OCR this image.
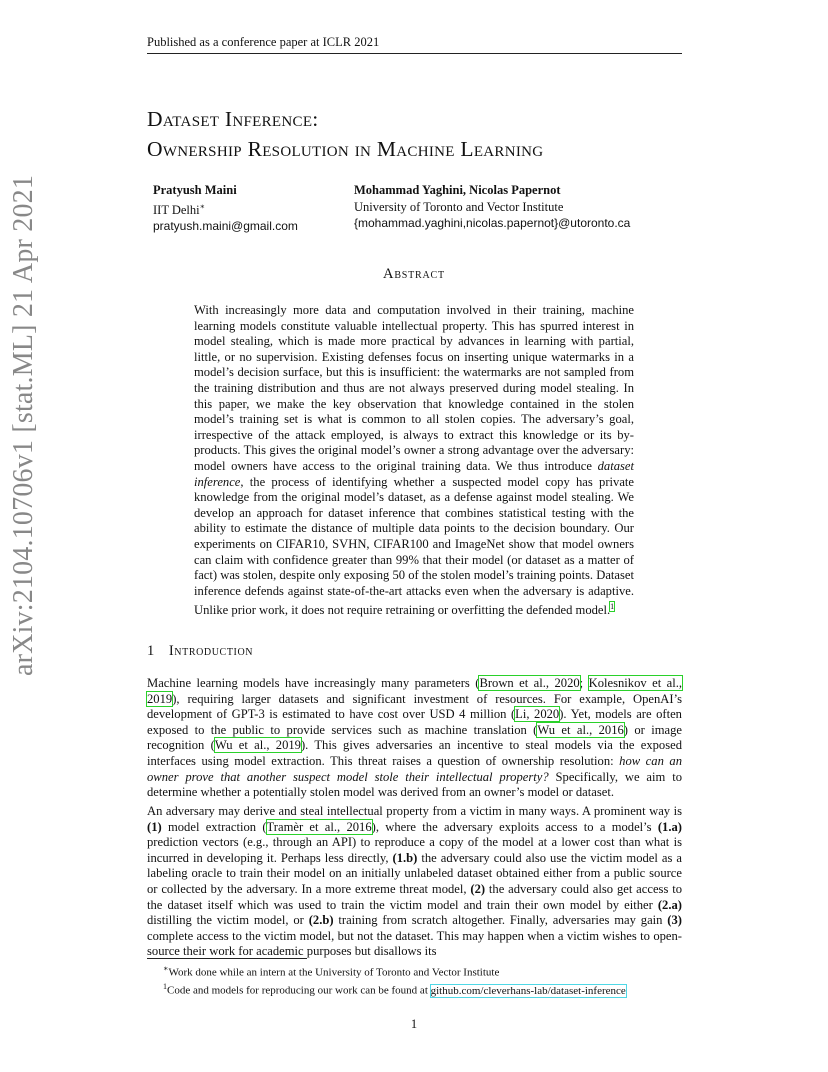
Published as a conference paper at ICLR 2021
arXiv:2104.10706v1 [stat.ML] 21 Apr 2021
Dataset Inference:
Ownership Resolution in Machine Learning
Pratyush Maini
IIT Delhi∗
pratyush.maini@gmail.com
Mohammad Yaghini, Nicolas Papernot
University of Toronto and Vector Institute
{mohammad.yaghini,nicolas.papernot}@utoronto.ca
Abstract
With increasingly more data and computation involved in their training, machine learning models constitute valuable intellectual property. This has spurred interest in model stealing, which is made more practical by advances in learning with partial, little, or no supervision. Existing defenses focus on inserting unique watermarks in a model’s decision surface, but this is insufficient: the watermarks are not sampled from the training distribution and thus are not always preserved during model stealing. In this paper, we make the key observation that knowledge contained in the stolen model’s training set is what is common to all stolen copies. The adversary’s goal, irrespective of the attack employed, is always to extract this knowledge or its by-products. This gives the original model’s owner a strong advantage over the adversary: model owners have access to the original training data. We thus introduce dataset inference, the process of identifying whether a suspected model copy has private knowledge from the original model’s dataset, as a defense against model stealing. We develop an approach for dataset inference that combines statistical testing with the ability to estimate the distance of multiple data points to the decision boundary. Our experiments on CIFAR10, SVHN, CIFAR100 and ImageNet show that model owners can claim with confidence greater than 99% that their model (or dataset as a matter of fact) was stolen, despite only exposing 50 of the stolen model’s training points. Dataset inference defends against state-of-the-art attacks even when the adversary is adaptive. Unlike prior work, it does not require retraining or overfitting the defended model.$^1$
1 Introduction
Machine learning models have increasingly many parameters (Brown et al., 2020; Kolesnikov et al., 2019), requiring larger datasets and significant investment of resources. For example, OpenAI’s development of GPT-3 is estimated to have cost over USD 4 million (Li, 2020). Yet, models are often exposed to the public to provide services such as machine translation (Wu et al., 2016) or image recognition (Wu et al., 2019). This gives adversaries an incentive to steal models via the exposed interfaces using model extraction. This threat raises a question of ownership resolution: how can an owner prove that another suspect model stole their intellectual property? Specifically, we aim to determine whether a potentially stolen model was derived from an owner’s model or dataset.
An adversary may derive and steal intellectual property from a victim in many ways. A prominent way is (1) model extraction (Tramèr et al., 2016), where the adversary exploits access to a model’s (1.a) prediction vectors (e.g., through an API) to reproduce a copy of the model at a lower cost than what is incurred in developing it. Perhaps less directly, (1.b) the adversary could also use the victim model as a labeling oracle to train their model on an initially unlabeled dataset obtained either from a public source or collected by the adversary. In a more extreme threat model, (2) the adversary could also get access to the dataset itself which was used to train the victim model and train their own model by either (2.a) distilling the victim model, or (2.b) training from scratch altogether. Finally, adversaries may gain (3) complete access to the victim model, but not the dataset. This may happen when a victim wishes to open-source their work for academic purposes but disallows its
∗Work done while an intern at the University of Toronto and Vector Institute
$^1$Code and models for reproducing our work can be found at github.com/cleverhans-lab/dataset-inference
1
